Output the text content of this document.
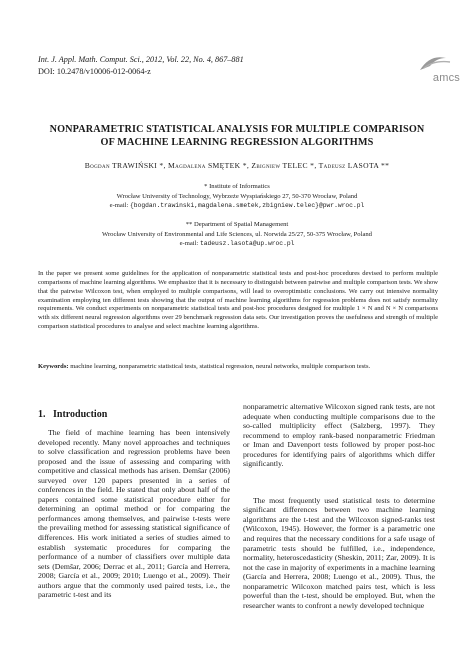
Int. J. Appl. Math. Comput. Sci., 2012, Vol. 22, No. 4, 867–881
DOI: 10.2478/v10006-012-0064-z
amcs
NONPARAMETRIC STATISTICAL ANALYSIS FOR MULTIPLE COMPARISON
OF MACHINE LEARNING REGRESSION ALGORITHMS
Bogdan TRAWIŃSKI *, Magdalena SMĘTEK *, Zbigniew TELEC *, Tadeusz LASOTA **
* Institute of Informatics
Wrocław University of Technology, Wybrzeże Wyspiańskiego 27, 50-370 Wrocław, Poland
e-mail: {bogdan.trawinski,magdalena.smetek,zbigniew.telec}@pwr.wroc.pl
** Department of Spatial Management
Wrocław University of Environmental and Life Sciences, ul. Norwida 25/27, 50-375 Wrocław, Poland
e-mail: tadeusz.lasota@up.wroc.pl
In the paper we present some guidelines for the application of nonparametric statistical tests and post-hoc procedures devised to perform multiple comparisons of machine learning algorithms. We emphasize that it is necessary to distinguish between pairwise and multiple comparison tests. We show that the pairwise Wilcoxon test, when employed to multiple comparisons, will lead to overoptimistic conclusions. We carry out intensive normality examination employing ten different tests showing that the output of machine learning algorithms for regression problems does not satisfy normality requirements. We conduct experiments on nonparametric statistical tests and post-hoc procedures designed for multiple 1 × N and N × N comparisons with six different neural regression algorithms over 29 benchmark regression data sets. Our investigation proves the usefulness and strength of multiple comparison statistical procedures to analyse and select machine learning algorithms.
Keywords: machine learning, nonparametric statistical tests, statistical regression, neural networks, multiple comparison tests.
1. Introduction

The field of machine learning has been intensively developed recently. Many novel approaches and techniques to solve classification and regression problems have been proposed and the issue of assessing and comparing with competitive and classical methods has arisen. Demšar (2006) surveyed over 120 papers presented in a series of conferences in the field. He stated that only about half of the papers contained some statistical procedure either for determining an optimal method or for comparing the performances among themselves, and pairwise t-tests were the prevailing method for assessing statistical significance of differences. His work initiated a series of studies aimed to establish systematic procedures for comparing the performance of a number of classifiers over multiple data sets (Demšar, 2006; Derrac et al., 2011; García and Herrera, 2008; García et al., 2009; 2010; Luengo et al., 2009). Their authors argue that the commonly used paired tests, i.e., the parametric t-test and its

nonparametric alternative Wilcoxon signed rank tests, are not adequate when conducting multiple comparisons due to the so-called multiplicity effect (Salzberg, 1997). They recommend to employ rank-based nonparametric Friedman or Iman and Davenport tests followed by proper post-hoc procedures for identifying pairs of algorithms which differ significantly.

The most frequently used statistical tests to determine significant differences between two machine learning algorithms are the t-test and the Wilcoxon signed-ranks test (Wilcoxon, 1945). However, the former is a parametric one and requires that the necessary conditions for a safe usage of parametric tests should be fulfilled, i.e., independence, normality, heteroscedasticity (Sheskin, 2011; Zar, 2009). It is not the case in majority of experiments in a machine learning (García and Herrera, 2008; Luengo et al., 2009). Thus, the nonparametric Wilcoxon matched pairs test, which is less powerful than the t-test, should be employed. But, when the researcher wants to confront a newly developed technique
